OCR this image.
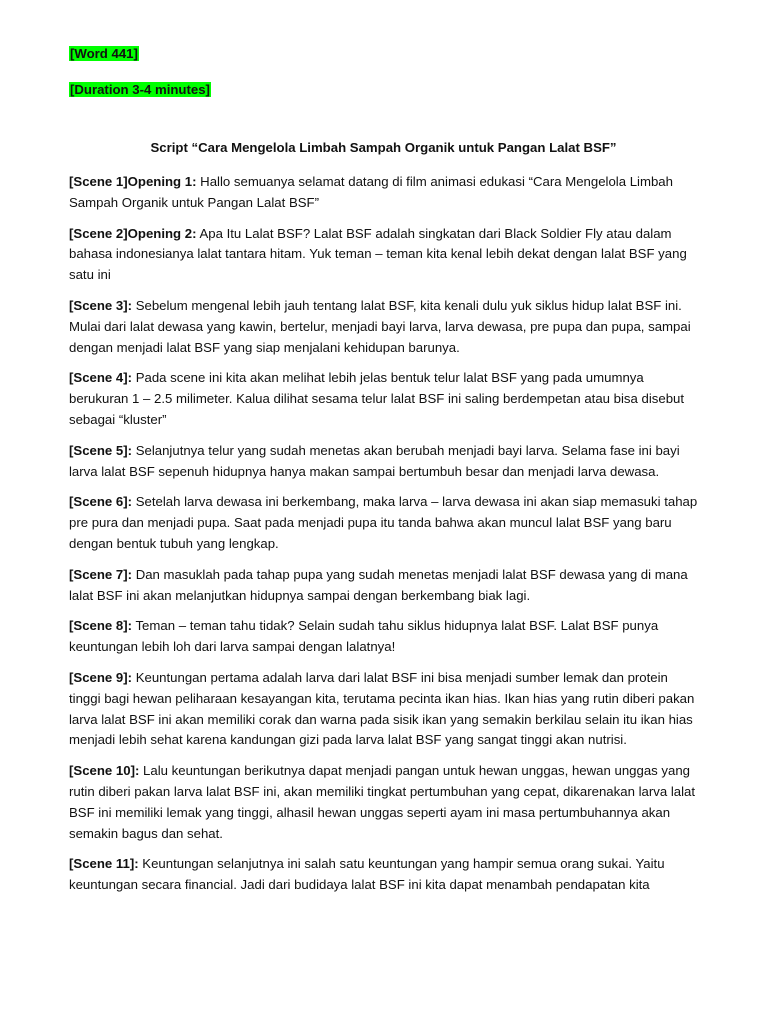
[Word 441]
[Duration 3-4 minutes]
Script “Cara Mengelola Limbah Sampah Organik untuk Pangan Lalat BSF”

[Scene 1]Opening 1: Hallo semuanya selamat datang di film animasi edukasi “Cara Mengelola Limbah Sampah Organik untuk Pangan Lalat BSF”

[Scene 2]Opening 2: Apa Itu Lalat BSF? Lalat BSF adalah singkatan dari Black Soldier Fly atau dalam bahasa indonesianya lalat tantara hitam. Yuk teman – teman kita kenal lebih dekat dengan lalat BSF yang satu ini

[Scene 3]: Sebelum mengenal lebih jauh tentang lalat BSF, kita kenali dulu yuk siklus hidup lalat BSF ini. Mulai dari lalat dewasa yang kawin, bertelur, menjadi bayi larva, larva dewasa, pre pupa dan pupa, sampai dengan menjadi lalat BSF yang siap menjalani kehidupan barunya.

[Scene 4]: Pada scene ini kita akan melihat lebih jelas bentuk telur lalat BSF yang pada umumnya berukuran 1 – 2.5 milimeter. Kalua dilihat sesama telur lalat BSF ini saling berdempetan atau bisa disebut sebagai “kluster”

[Scene 5]: Selanjutnya telur yang sudah menetas akan berubah menjadi bayi larva. Selama fase ini bayi larva lalat BSF sepenuh hidupnya hanya makan sampai bertumbuh besar dan menjadi larva dewasa.

[Scene 6]: Setelah larva dewasa ini berkembang, maka larva – larva dewasa ini akan siap memasuki tahap pre pura dan menjadi pupa. Saat pada menjadi pupa itu tanda bahwa akan muncul lalat BSF yang baru dengan bentuk tubuh yang lengkap.

[Scene 7]: Dan masuklah pada tahap pupa yang sudah menetas menjadi lalat BSF dewasa yang di mana lalat BSF ini akan melanjutkan hidupnya sampai dengan berkembang biak lagi.

[Scene 8]: Teman – teman tahu tidak? Selain sudah tahu siklus hidupnya lalat BSF. Lalat BSF punya keuntungan lebih loh dari larva sampai dengan lalatnya!

[Scene 9]: Keuntungan pertama adalah larva dari lalat BSF ini bisa menjadi sumber lemak dan protein tinggi bagi hewan peliharaan kesayangan kita, terutama pecinta ikan hias. Ikan hias yang rutin diberi pakan larva lalat BSF ini akan memiliki corak dan warna pada sisik ikan yang semakin berkilau selain itu ikan hias menjadi lebih sehat karena kandungan gizi pada larva lalat BSF yang sangat tinggi akan nutrisi.

[Scene 10]: Lalu keuntungan berikutnya dapat menjadi pangan untuk hewan unggas, hewan unggas yang rutin diberi pakan larva lalat BSF ini, akan memiliki tingkat pertumbuhan yang cepat, dikarenakan larva lalat BSF ini memiliki lemak yang tinggi, alhasil hewan unggas seperti ayam ini masa pertumbuhannya akan semakin bagus dan sehat.

[Scene 11]: Keuntungan selanjutnya ini salah satu keuntungan yang hampir semua orang sukai. Yaitu keuntungan secara financial. Jadi dari budidaya lalat BSF ini kita dapat menambah pendapatan kita
